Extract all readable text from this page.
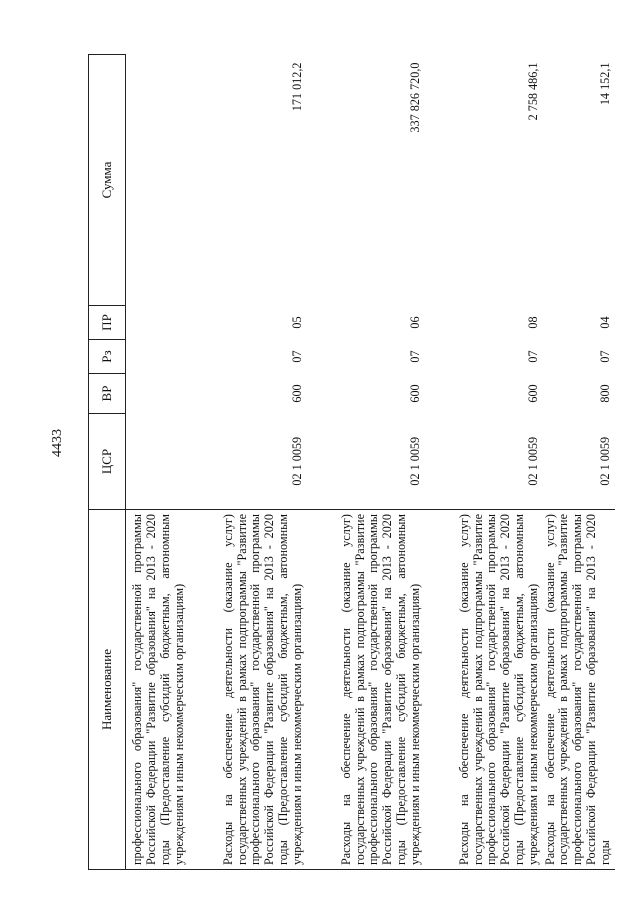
4433
Наименование	ЦСР	ВР	Рз	ПР	Сумма
профессионального образования" государственной программы Российской Федерации "Развитие образования" на 2013 - 2020 годы (Предоставление субсидий бюджетным, автономным учреждениям и иным некоммерческим организациям)					
Расходы на обеспечение деятельности (оказание услуг) государственных учреждений в рамках подпрограммы "Развитие профессионального образования" государственной программы Российской Федерации "Развитие образования" на 2013 - 2020 годы (Предоставление субсидий бюджетным, автономным учреждениям и иным некоммерческим организациям)	02 1 0059	600	07	05	171 012,2
Расходы на обеспечение деятельности (оказание услуг) государственных учреждений в рамках подпрограммы "Развитие профессионального образования" государственной программы Российской Федерации "Развитие образования" на 2013 - 2020 годы (Предоставление субсидий бюджетным, автономным учреждениям и иным некоммерческим организациям)	02 1 0059	600	07	06	337 826 720,0
Расходы на обеспечение деятельности (оказание услуг) государственных учреждений в рамках подпрограммы "Развитие профессионального образования" государственной программы Российской Федерации "Развитие образования" на 2013 - 2020 годы (Предоставление субсидий бюджетным, автономным учреждениям и иным некоммерческим организациям)	02 1 0059	600	07	08	2 758 486,1
Расходы на обеспечение деятельности (оказание услуг) государственных учреждений в рамках подпрограммы "Развитие профессионального образования" государственной программы Российской Федерации "Развитие образования" на 2013 - 2020 годы	02 1 0059	800	07	04	14 152,1
